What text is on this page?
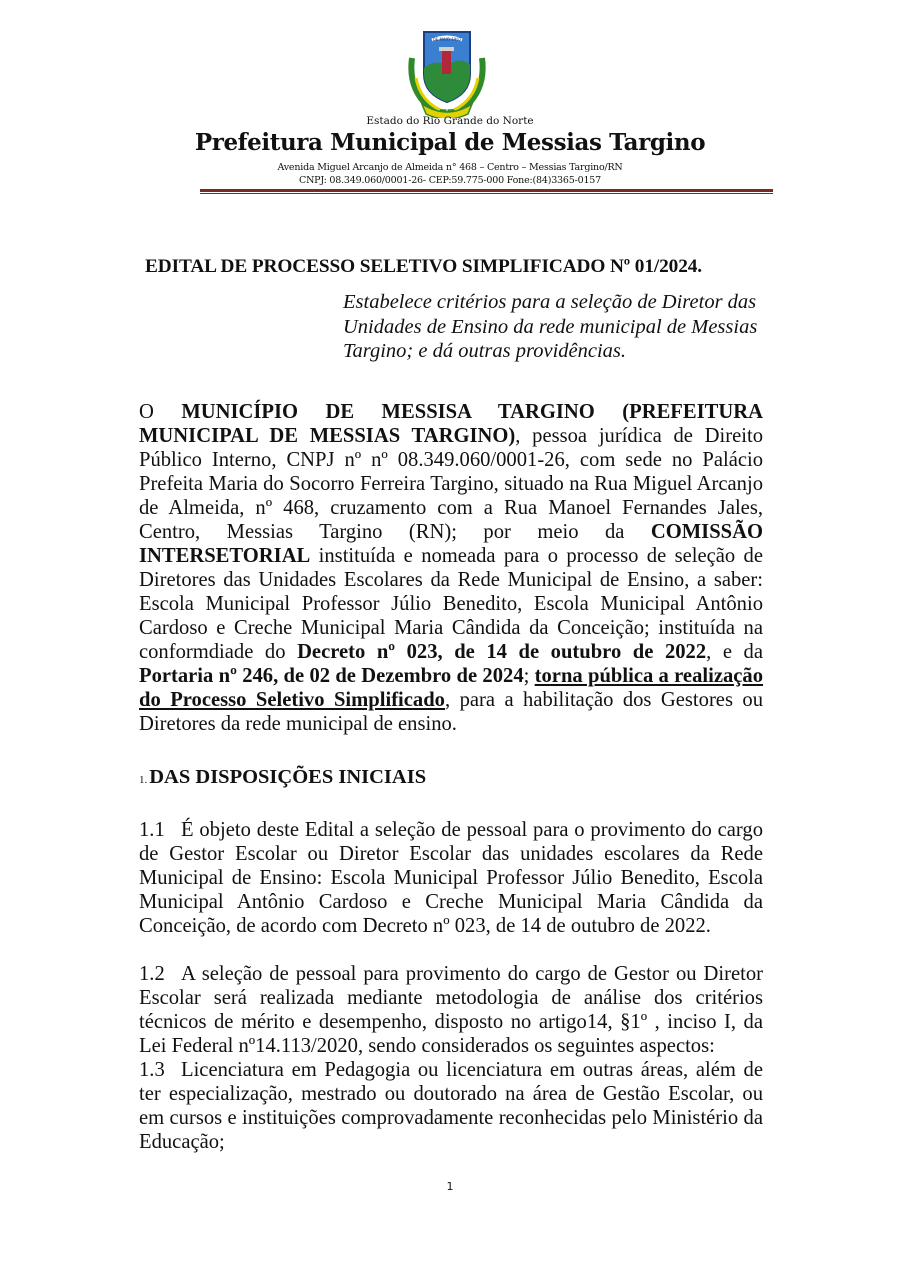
DE MAIO 1962
Estado do Rio Grande do Norte
Prefeitura Municipal de Messias Targino
Avenida Miguel Arcanjo de Almeida n° 468 – Centro – Messias Targino/RN
CNPJ: 08.349.060/0001-26- CEP:59.775-000 Fone:(84)3365-0157
EDITAL DE PROCESSO SELETIVO SIMPLIFICADO Nº 01/2024.
Estabelece critérios para a seleção de Diretor das Unidades de Ensino da rede municipal de Messias Targino; e dá outras providências.
O MUNICÍPIO DE MESSISA TARGINO (PREFEITURA MUNICIPAL DE MESSIAS TARGINO), pessoa jurídica de Direito Público Interno, CNPJ nº nº 08.349.060/0001-26, com sede no Palácio Prefeita Maria do Socorro Ferreira Targino, situado na Rua Miguel Arcanjo de Almeida, nº 468, cruzamento com a Rua Manoel Fernandes Jales, Centro, Messias Targino (RN); por meio da COMISSÃO INTERSETORIAL instituída e nomeada para o processo de seleção de Diretores das Unidades Escolares da Rede Municipal de Ensino, a saber: Escola Municipal Professor Júlio Benedito, Escola Municipal Antônio Cardoso e Creche Municipal Maria Cândida da Conceição; instituída na conformdiade do Decreto nº 023, de 14 de outubro de 2022, e da Portaria nº 246, de 02 de Dezembro de 2024; torna pública a realização do Processo Seletivo Simplificado, para a habilitação dos Gestores ou Diretores da rede municipal de ensino.
1.DAS DISPOSIÇÕES INICIAIS
1.1 É objeto deste Edital a seleção de pessoal para o provimento do cargo de Gestor Escolar ou Diretor Escolar das unidades escolares da Rede Municipal de Ensino: Escola Municipal Professor Júlio Benedito, Escola Municipal Antônio Cardoso e Creche Municipal Maria Cândida da Conceição, de acordo com Decreto nº 023, de 14 de outubro de 2022.
1.2 A seleção de pessoal para provimento do cargo de Gestor ou Diretor Escolar será realizada mediante metodologia de análise dos critérios técnicos de mérito e desempenho, disposto no artigo14, §1º , inciso I, da Lei Federal nº14.113/2020, sendo considerados os seguintes aspectos:
1.3 Licenciatura em Pedagogia ou licenciatura em outras áreas, além de ter especialização, mestrado ou doutorado na área de Gestão Escolar, ou em cursos e instituições comprovadamente reconhecidas pelo Ministério da Educação;
1
